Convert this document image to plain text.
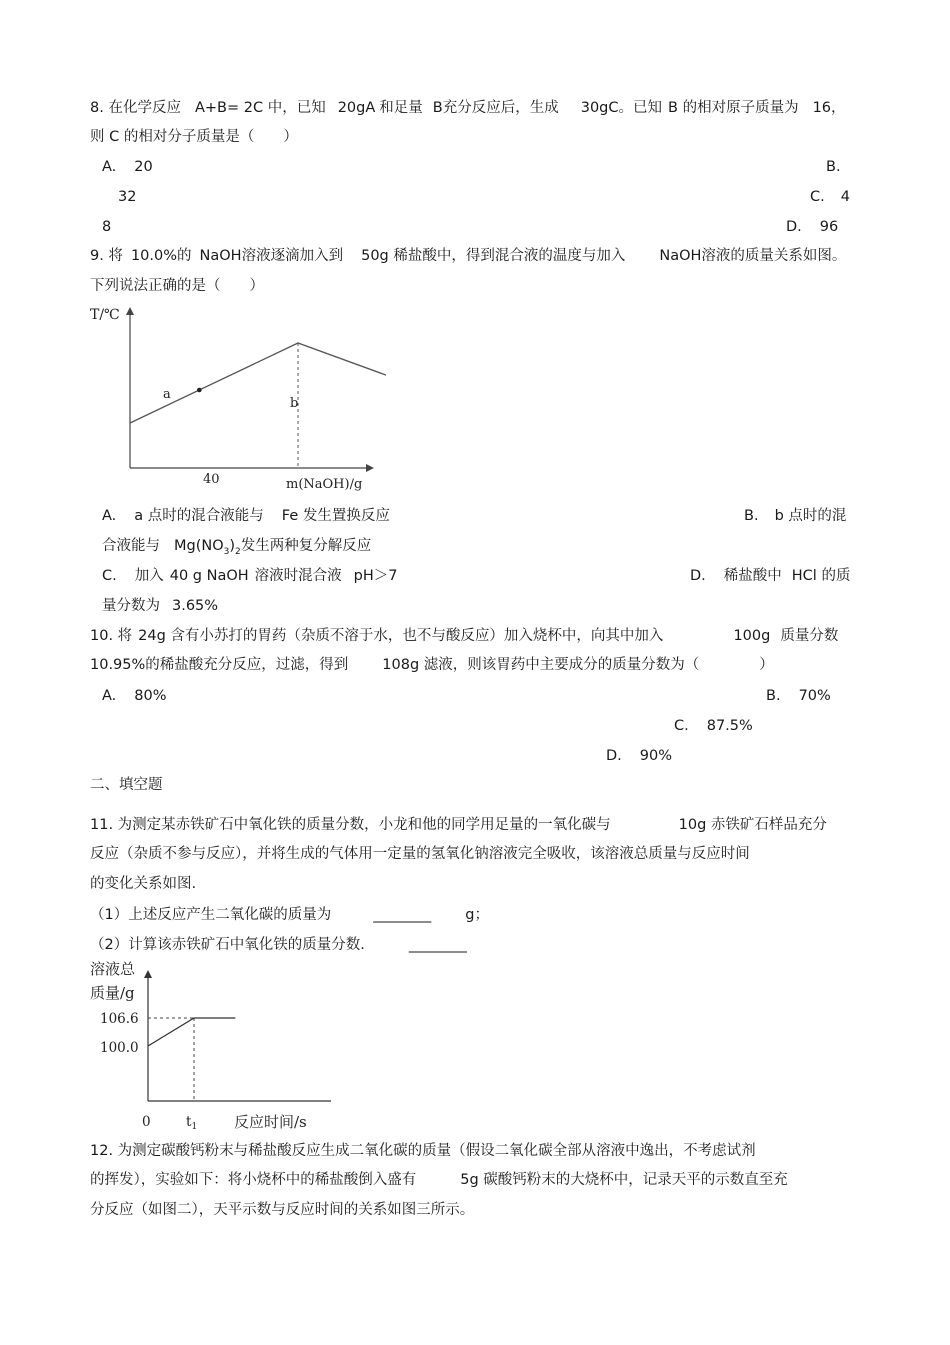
8. 在化学反应 A+B= 2C 中，已知 20gA 和足量 B充分反应后，生成 30gC。已知 B 的相对原子质量为 16，
则 C 的相对分子质量是（　　）
A. 20	B.
32	C. 4
8	D. 96
9. 将 10.0%的 NaOH溶液逐滴加入到 50g 稀盐酸中，得到混合液的温度与加入 NaOH溶液的质量关系如图。
下列说法正确的是（　　）
T/℃
m(NaOH)/g
40
a
b
A. a 点时的混合液能与 Fe 发生置换反应	B. b 点时的混
合液能与 $Mg(NO_3)_2$发生两种复分解反应
C. 加入 40 g NaOH 溶液时混合液 pH＞7	D. 稀盐酸中 HCl 的质
量分数为 3.65%
10. 将 24g 含有小苏打的胃药（杂质不溶于水，也不与酸反应）加入烧杯中，向其中加入	100g 质量分数
10.95%的稀盐酸充分反应，过滤，得到 108g 滤液，则该胃药中主要成分的质量分数为（	）
A. 80%	B. 70%
C. 87.5%
D. 90%
二、填空题
11. 为测定某赤铁矿石中氧化铁的质量分数，小龙和他的同学用足量的一氧化碳与	10g 赤铁矿石样品充分
反应（杂质不参与反应），并将生成的气体用一定量的氢氧化钠溶液完全吸收，该溶液总质量与反应时间
的变化关系如图.
（1）上述反应产生二氧化碳的质量为	________ g；
（2）计算该赤铁矿石中氧化铁的质量分数.	________
溶液总 质量/g
106.6
100.0
0	$t_1$ 反应时间/s
12. 为测定碳酸钙粉末与稀盐酸反应生成二氧化碳的质量（假设二氧化碳全部从溶液中逸出，不考虑试剂
的挥发），实验如下：将小烧杯中的稀盐酸倒入盛有	5g 碳酸钙粉末的大烧杯中，记录天平的示数直至充
分反应（如图二），天平示数与反应时间的关系如图三所示。
